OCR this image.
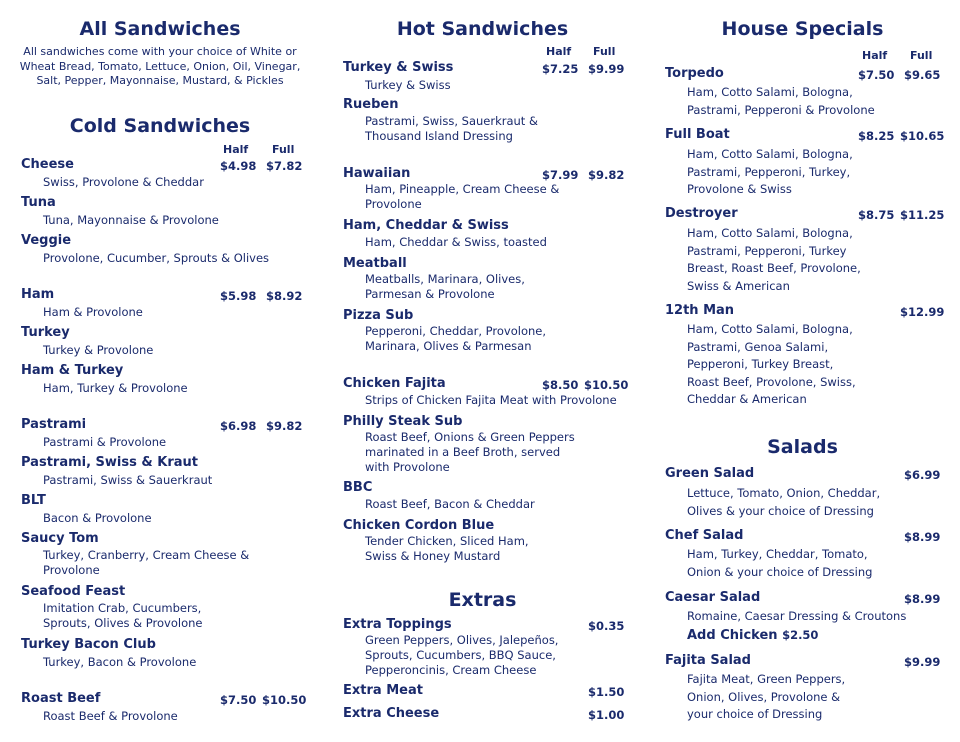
All Sandwiches
All sandwiches come with your choice of White or Wheat Bread, Tomato, Lettuce, Onion, Oil, Vinegar, Salt, Pepper, Mayonnaise, Mustard, & Pickles
Cold Sandwiches
Half Full
Cheese	$4.98 $7.82
Swiss, Provolone & Cheddar
Tuna
Tuna, Mayonnaise & Provolone
Veggie
Provolone, Cucumber, Sprouts & Olives
Ham	$5.98 $8.92
Ham & Provolone
Turkey
Turkey & Provolone
Ham & Turkey
Ham, Turkey & Provolone
Pastrami	$6.98 $9.82
Pastrami & Provolone
Pastrami, Swiss & Kraut
Pastrami, Swiss & Sauerkraut
BLT
Bacon & Provolone
Saucy Tom
Turkey, Cranberry, Cream Cheese & Provolone
Seafood Feast
Imitation Crab, Cucumbers, Sprouts, Olives & Provolone
Turkey Bacon Club
Turkey, Bacon & Provolone
Roast Beef	$7.50 $10.50
Roast Beef & Provolone
Hot Sandwiches
Half Full
Turkey & Swiss	$7.25 $9.99
Turkey & Swiss
Rueben
Pastrami, Swiss, Sauerkraut & Thousand Island Dressing
Hawaiian	$7.99 $9.82
Ham, Pineapple, Cream Cheese & Provolone
Ham, Cheddar & Swiss
Ham, Cheddar & Swiss, toasted
Meatball
Meatballs, Marinara, Olives, Parmesan & Provolone
Pizza Sub
Pepperoni, Cheddar, Provolone, Marinara, Olives & Parmesan
Chicken Fajita	$8.50 $10.50
Strips of Chicken Fajita Meat with Provolone
Philly Steak Sub
Roast Beef, Onions & Green Peppers marinated in a Beef Broth, served with Provolone
BBC
Roast Beef, Bacon & Cheddar
Chicken Cordon Blue
Tender Chicken, Sliced Ham, Swiss & Honey Mustard
Extras
Extra Toppings	$0.35
Green Peppers, Olives, Jalepeños, Sprouts, Cucumbers, BBQ Sauce, Pepperoncinis, Cream Cheese
Extra Meat	$1.50
Extra Cheese	$1.00
House Specials
Half Full
Torpedo	$7.50 $9.65
Ham, Cotto Salami, Bologna, Pastrami, Pepperoni & Provolone
Full Boat	$8.25 $10.65
Ham, Cotto Salami, Bologna, Pastrami, Pepperoni, Turkey, Provolone & Swiss
Destroyer	$8.75 $11.25
Ham, Cotto Salami, Bologna, Pastrami, Pepperoni, Turkey Breast, Roast Beef, Provolone, Swiss & American
12th Man	$12.99
Ham, Cotto Salami, Bologna, Pastrami, Genoa Salami, Pepperoni, Turkey Breast, Roast Beef, Provolone, Swiss, Cheddar & American
Salads
Green Salad	$6.99
Lettuce, Tomato, Onion, Cheddar, Olives & your choice of Dressing
Chef Salad	$8.99
Ham, Turkey, Cheddar, Tomato, Onion & your choice of Dressing
Caesar Salad	$8.99
Romaine, Caesar Dressing & Croutons
Add Chicken $2.50
Fajita Salad	$9.99
Fajita Meat, Green Peppers, Onion, Olives, Provolone & your choice of Dressing
